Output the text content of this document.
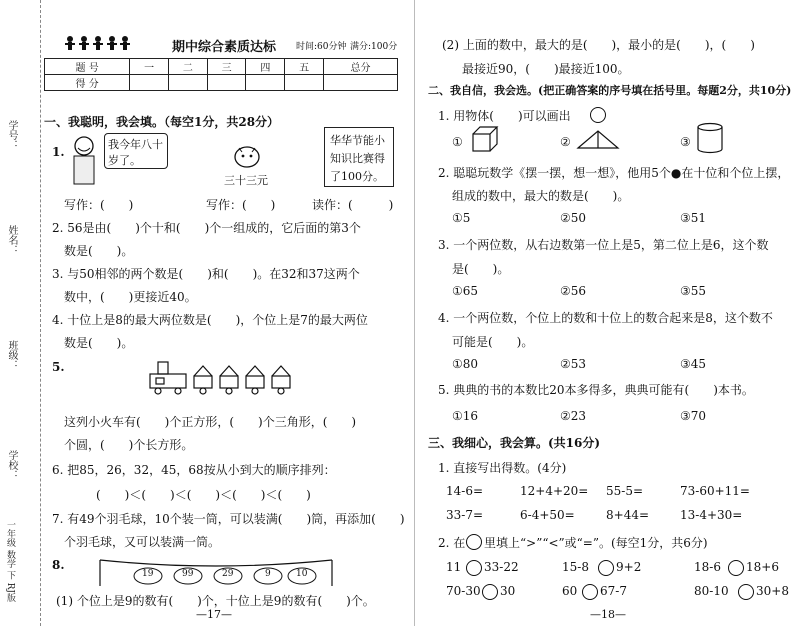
学号：
姓名：
班级：
学校：
一年级 数学 下 RJ版
期中综合素质达标 时间:60分钟 满分:100分
题 号	一	二	三	四	五	总分
得 分						
一、我聪明，我会填。（每空1分，共28分）
1.
我今年八十
岁了。
三十三元
华华节能小
知识比赛得
了100分。
写作：(　　)	写作：(　　)	读作：(　　　)
2. 56是由(　　)个十和(　　)个一组成的，它后面的第3个
数是(　　)。
3. 与50相邻的两个数是(　　)和(　　)。在32和37这两个
数中，(　　)更接近40。
4. 十位上是8的最大两位数是(　　)，个位上是7的最大两位
数是(　　)。
5.
这列小火车有(　　)个正方形，(　　)个三角形，(　　)
个圆，(　　)个长方形。
6. 把85，26，32，45，68按从小到大的顺序排列：
(　　)＜(　　)＜(　　)＜(　　)＜(　　)
7. 有49个羽毛球，10个装一筒，可以装满(　　)筒，再添加(　　)
个羽毛球，又可以装满一筒。
8.
19	99	29	9	10
(1) 个位上是9的数有(　　)个，十位上是9的数有(　　)个。
—17—
(2) 上面的数中，最大的是(　　)，最小的是(　　)，(　　)
最接近90，(　　)最接近100。
二、我自信，我会选。(把正确答案的序号填在括号里。每题2分，共10分)
1. 用物体(　　)可以画出
①	②	③
2. 聪聪玩数学《摆一摆，想一想》，他用5个●在十位和个位上摆，
组成的数中，最大的数是(　　)。
①5	②50	③51
3. 一个两位数，从右边数第一位上是5，第二位上是6，这个数
是(　　)。
①65	②56	③55
4. 一个两位数，个位上的数和十位上的数合起来是8，这个数不
可能是(　　)。
①80	②53	③45
5. 典典的书的本数比20本多得多，典典可能有(　　)本书。
①16	②23	③70
三、我细心，我会算。(共16分)
1. 直接写出得数。(4分)
14-6=	12+4+20= 55-5=	73-60+11=
33-7=	6-4+50=	8+44=	13-4+30=
2. 在 里填上“>”“<”或“=”。(每空1分，共6分)
11 33-22	15-8 9+2	18-6 18+6
70-30 30	60 67-7	80-10 30+8
—18—
